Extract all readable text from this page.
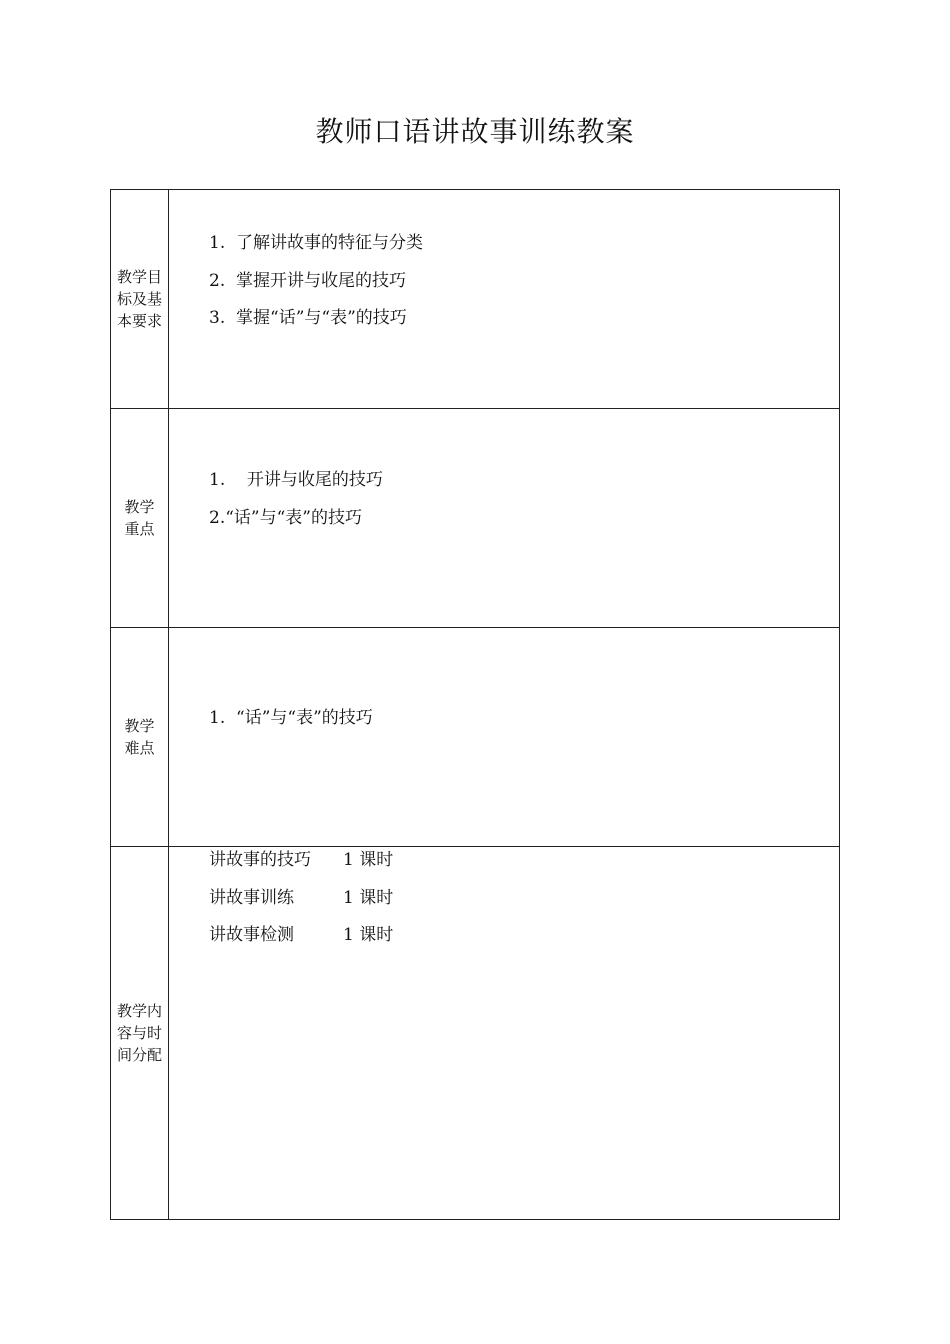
教师口语讲故事训练教案
教学目标及基本要求	1. 了解讲故事的特征与分类
2. 掌握开讲与收尾的技巧
3. 掌握“话”与“表”的技巧

教学重点	1. 开讲与收尾的技巧
2.“话”与“表”的技巧

教学难点	1. “话”与“表”的技巧

教学内容与时间分配	讲故事的技巧 1 课时
讲故事训练 1 课时
讲故事检测 1 课时
